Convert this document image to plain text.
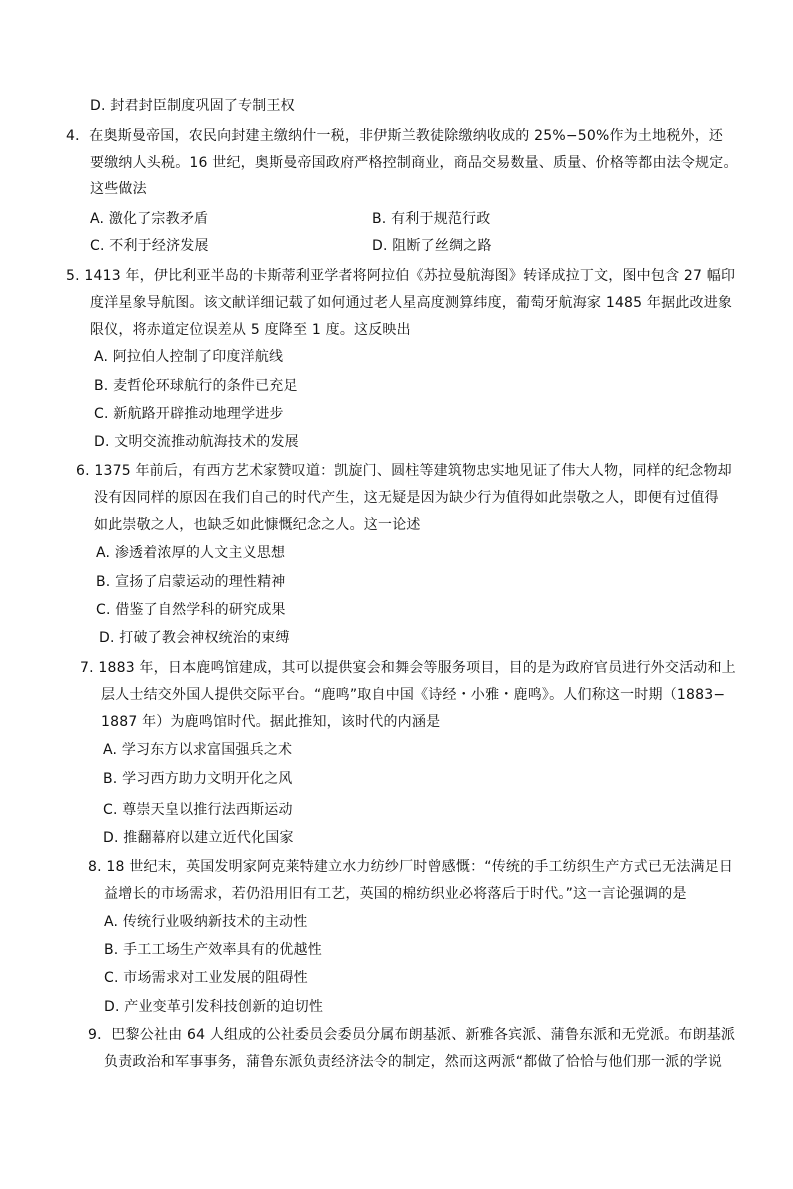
D. 封君封臣制度巩固了专制王权
4．在奥斯曼帝国，农民向封建主缴纳什一税，非伊斯兰教徒除缴纳收成的 25%−50%作为土地税外，还
要缴纳人头税。16 世纪，奥斯曼帝国政府严格控制商业，商品交易数量、质量、价格等都由法令规定。
这些做法
A. 激化了宗教矛盾	B. 有利于规范行政
C. 不利于经济发展	D. 阻断了丝绸之路
5. 1413 年，伊比利亚半岛的卡斯蒂利亚学者将阿拉伯《苏拉曼航海图》转译成拉丁文，图中包含 27 幅印
度洋星象导航图。该文献详细记载了如何通过老人星高度测算纬度，葡萄牙航海家 1485 年据此改进象
限仪，将赤道定位误差从 5 度降至 1 度。这反映出
A. 阿拉伯人控制了印度洋航线
B. 麦哲伦环球航行的条件已充足
C. 新航路开辟推动地理学进步
D. 文明交流推动航海技术的发展
6. 1375 年前后，有西方艺术家赞叹道：凯旋门、圆柱等建筑物忠实地见证了伟大人物，同样的纪念物却
没有因同样的原因在我们自己的时代产生，这无疑是因为缺少行为值得如此崇敬之人，即便有过值得
如此崇敬之人，也缺乏如此慷慨纪念之人。这一论述
A. 渗透着浓厚的人文主义思想
B. 宣扬了启蒙运动的理性精神
C. 借鉴了自然学科的研究成果
D. 打破了教会神权统治的束缚
7. 1883 年，日本鹿鸣馆建成，其可以提供宴会和舞会等服务项目，目的是为政府官员进行外交活动和上
层人士结交外国人提供交际平台。“鹿鸣”取自中国《诗经・小雅・鹿鸣》。人们称这一时期（1883−
1887 年）为鹿鸣馆时代。据此推知，该时代的内涵是
A. 学习东方以求富国强兵之术
B. 学习西方助力文明开化之风
C. 尊崇天皇以推行法西斯运动
D. 推翻幕府以建立近代化国家
8. 18 世纪末，英国发明家阿克莱特建立水力纺纱厂时曾感慨：“传统的手工纺织生产方式已无法满足日
益增长的市场需求，若仍沿用旧有工艺，英国的棉纺织业必将落后于时代。”这一言论强调的是
A. 传统行业吸纳新技术的主动性
B. 手工工场生产效率具有的优越性
C. 市场需求对工业发展的阻碍性
D. 产业变革引发科技创新的迫切性
9．巴黎公社由 64 人组成的公社委员会委员分属布朗基派、新雅各宾派、蒲鲁东派和无党派。布朗基派
负责政治和军事事务，蒲鲁东派负责经济法令的制定，然而这两派“都做了恰恰与他们那一派的学说
